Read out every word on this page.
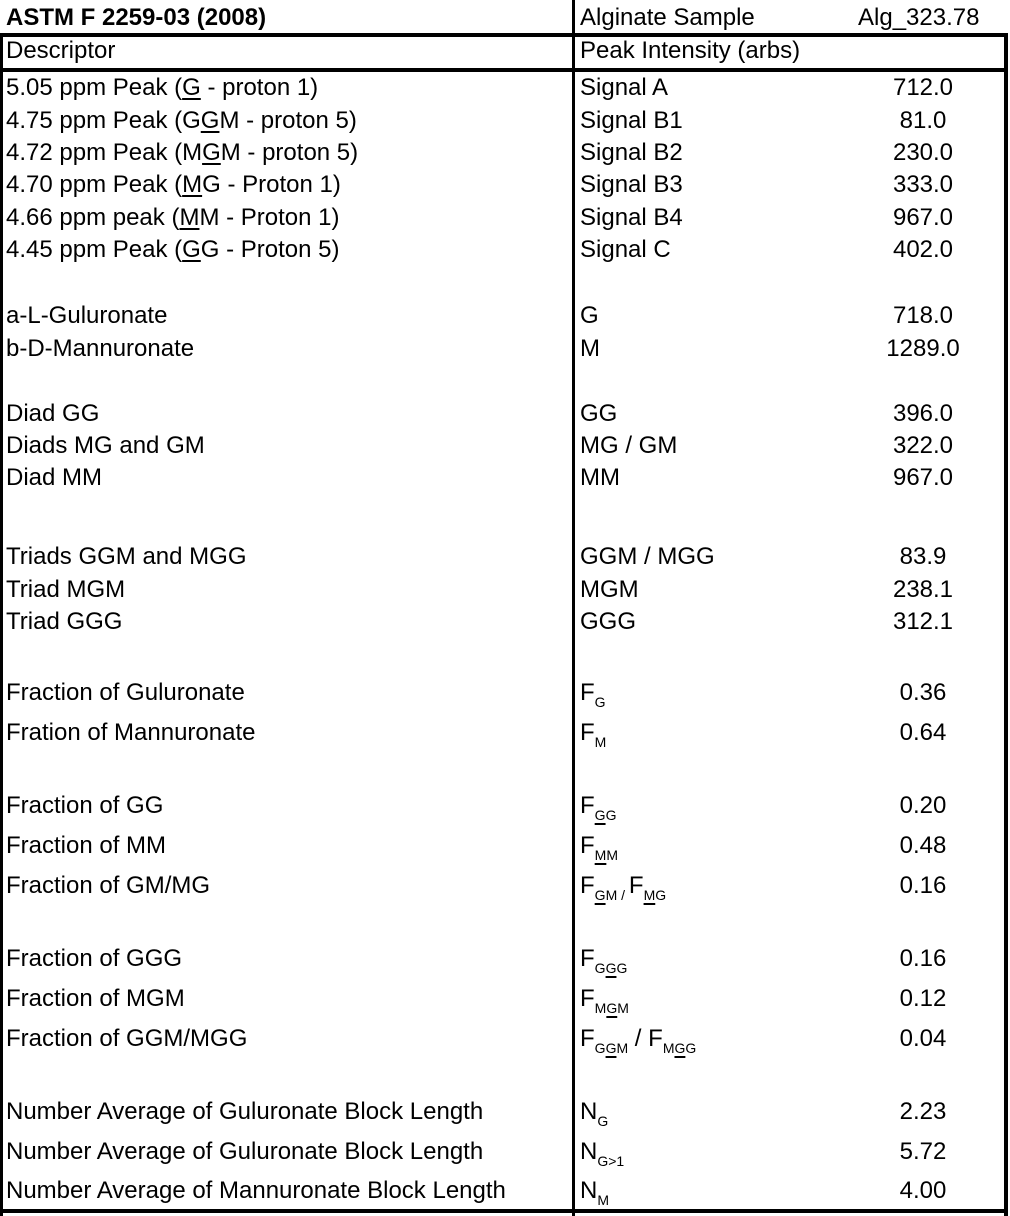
ASTM F 2259-03 (2008)	Alginate Sample	Alg_323.78
Descriptor	Peak Intensity (arbs)
5.05 ppm Peak (G - proton 1)	Signal A	712.0
4.75 ppm Peak (GGM - proton 5)	Signal B1	81.0
4.72 ppm Peak (MGM - proton 5)	Signal B2	230.0
4.70 ppm Peak (MG - Proton 1)	Signal B3	333.0
4.66 ppm peak (MM - Proton 1)	Signal B4	967.0
4.45 ppm Peak (GG - Proton 5)	Signal C	402.0
a-L-Guluronate	G	718.0
b-D-Mannuronate	M	1289.0
Diad GG	GG	396.0
Diads MG and GM	MG / GM	322.0
Diad MM	MM	967.0
Triads GGM and MGG	GGM / MGG	83.9
Triad MGM	MGM	238.1
Triad GGG	GGG	312.1
Fraction of Guluronate	$F_G$	0.36
Fration of Mannuronate	$F_M$	0.64
Fraction of GG	$F_{GG}$	0.20
Fraction of MM	$F_{MM}$	0.48
Fraction of GM/MG	$F_{GM /}$ $F_{MG}$	0.16
Fraction of GGG	$F_{GGG}$	0.16
Fraction of MGM	$F_{MGM}$	0.12
Fraction of GGM/MGG	$F_{GGM} / F_{MGG}$	0.04
Number Average of Guluronate Block Length	$N_G$	2.23
Number Average of Guluronate Block Length	$N_{G>1}$	5.72
Number Average of Mannuronate Block Length	$N_M$	4.00
